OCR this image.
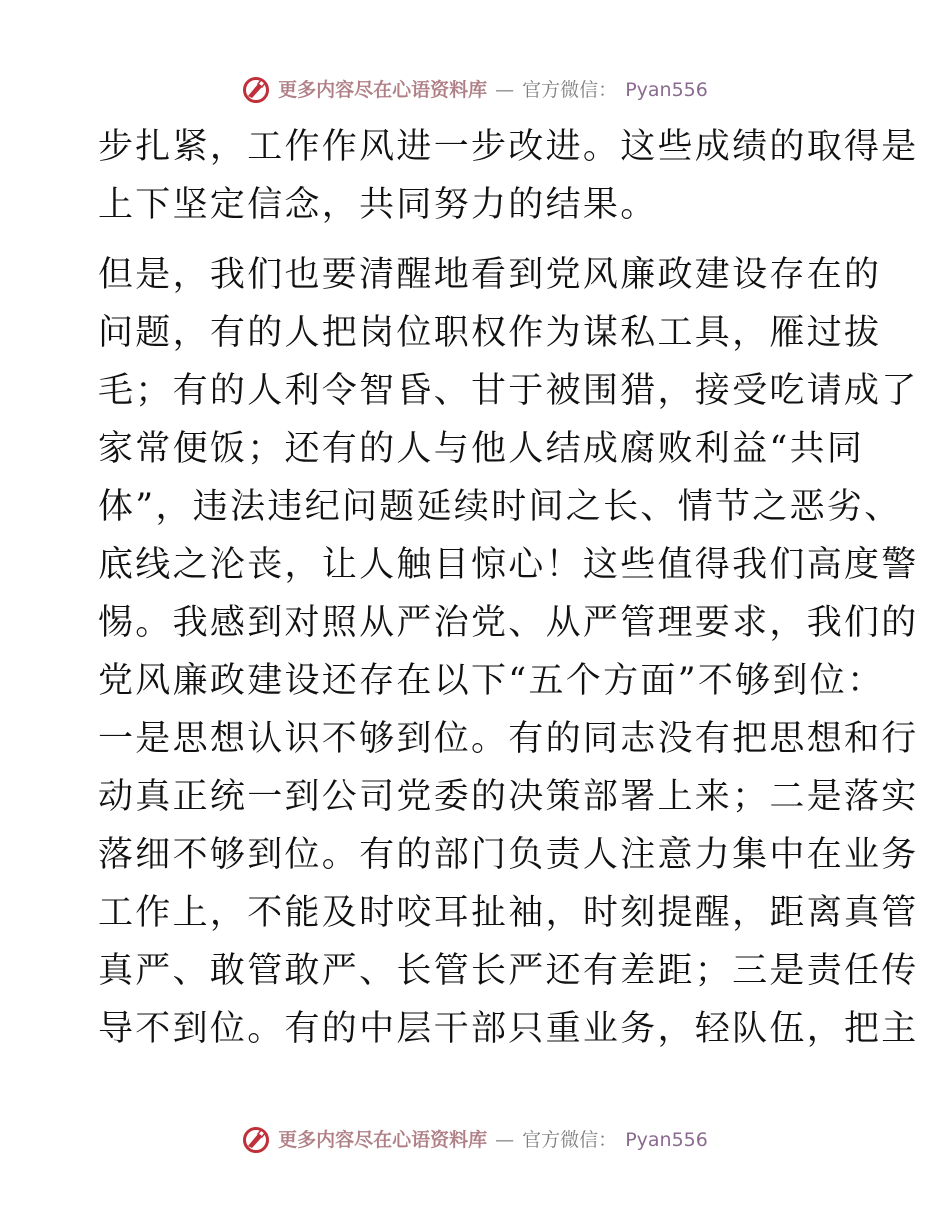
更多内容尽在心语资料库 — 官方微信： Pyan556

步扎紧，工作作风进一步改进。这些成绩的取得是
上下坚定信念，共同努力的结果。

但是，我们也要清醒地看到党风廉政建设存在的
问题，有的人把岗位职权作为谋私工具，雁过拔
毛；有的人利令智昏、甘于被围猎，接受吃请成了
家常便饭；还有的人与他人结成腐败利益“共同
体”，违法违纪问题延续时间之长、情节之恶劣、
底线之沦丧，让人触目惊心！这些值得我们高度警
惕。我感到对照从严治党、从严管理要求，我们的
党风廉政建设还存在以下“五个方面”不够到位：
一是思想认识不够到位。有的同志没有把思想和行
动真正统一到公司党委的决策部署上来；二是落实
落细不够到位。有的部门负责人注意力集中在业务
工作上，不能及时咬耳扯袖，时刻提醒，距离真管
真严、敢管敢严、长管长严还有差距；三是责任传
导不到位。有的中层干部只重业务，轻队伍，把主

更多内容尽在心语资料库 — 官方微信： Pyan556
